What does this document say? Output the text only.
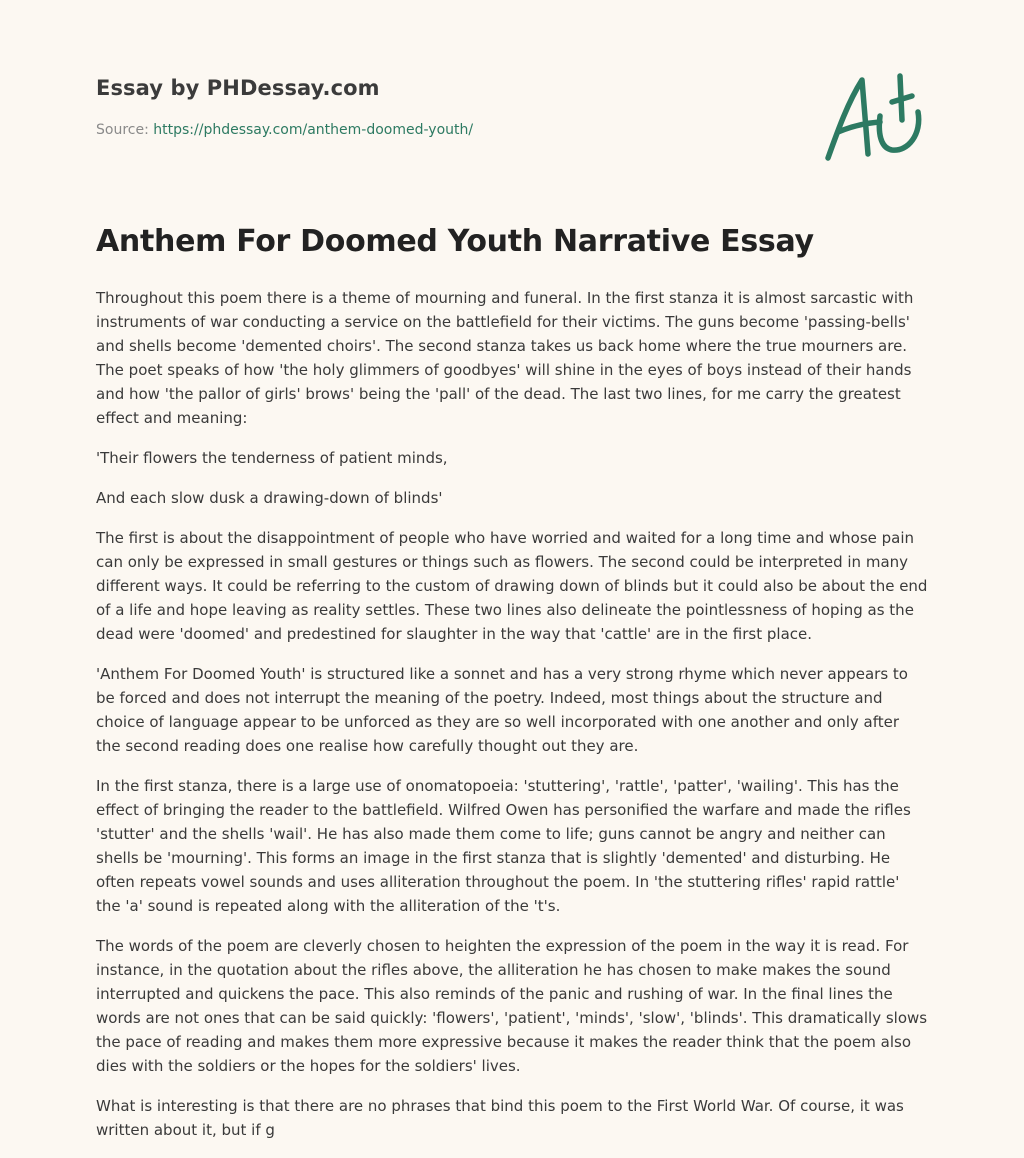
Essay by PHDessay.com

Source: https://phdessay.com/anthem-doomed-youth/
Anthem For Doomed Youth Narrative Essay

Throughout this poem there is a theme of mourning and funeral. In the first stanza it is almost sarcastic with instruments of war conducting a service on the battlefield for their victims. The guns become 'passing-bells' and shells become 'demented choirs'. The second stanza takes us back home where the true mourners are. The poet speaks of how 'the holy glimmers of goodbyes' will shine in the eyes of boys instead of their hands and how 'the pallor of girls' brows' being the 'pall' of the dead. The last two lines, for me carry the greatest effect and meaning:

'Their flowers the tenderness of patient minds,

And each slow dusk a drawing-down of blinds'

The first is about the disappointment of people who have worried and waited for a long time and whose pain can only be expressed in small gestures or things such as flowers. The second could be interpreted in many different ways. It could be referring to the custom of drawing down of blinds but it could also be about the end of a life and hope leaving as reality settles. These two lines also delineate the pointlessness of hoping as the dead were 'doomed' and predestined for slaughter in the way that 'cattle' are in the first place.

'Anthem For Doomed Youth' is structured like a sonnet and has a very strong rhyme which never appears to be forced and does not interrupt the meaning of the poetry. Indeed, most things about the structure and choice of language appear to be unforced as they are so well incorporated with one another and only after the second reading does one realise how carefully thought out they are.

In the first stanza, there is a large use of onomatopoeia: 'stuttering', 'rattle', 'patter', 'wailing'. This has the effect of bringing the reader to the battlefield. Wilfred Owen has personified the warfare and made the rifles 'stutter' and the shells 'wail'. He has also made them come to life; guns cannot be angry and neither can shells be 'mourning'. This forms an image in the first stanza that is slightly 'demented' and disturbing. He often repeats vowel sounds and uses alliteration throughout the poem. In 'the stuttering rifles' rapid rattle' the 'a' sound is repeated along with the alliteration of the 't's.

The words of the poem are cleverly chosen to heighten the expression of the poem in the way it is read. For instance, in the quotation about the rifles above, the alliteration he has chosen to make makes the sound interrupted and quickens the pace. This also reminds of the panic and rushing of war. In the final lines the words are not ones that can be said quickly: 'flowers', 'patient', 'minds', 'slow', 'blinds'. This dramatically slows the pace of reading and makes them more expressive because it makes the reader think that the poem also dies with the soldiers or the hopes for the soldiers' lives.

What is interesting is that there are no phrases that bind this poem to the First World War. Of course, it was written about it, but if g
